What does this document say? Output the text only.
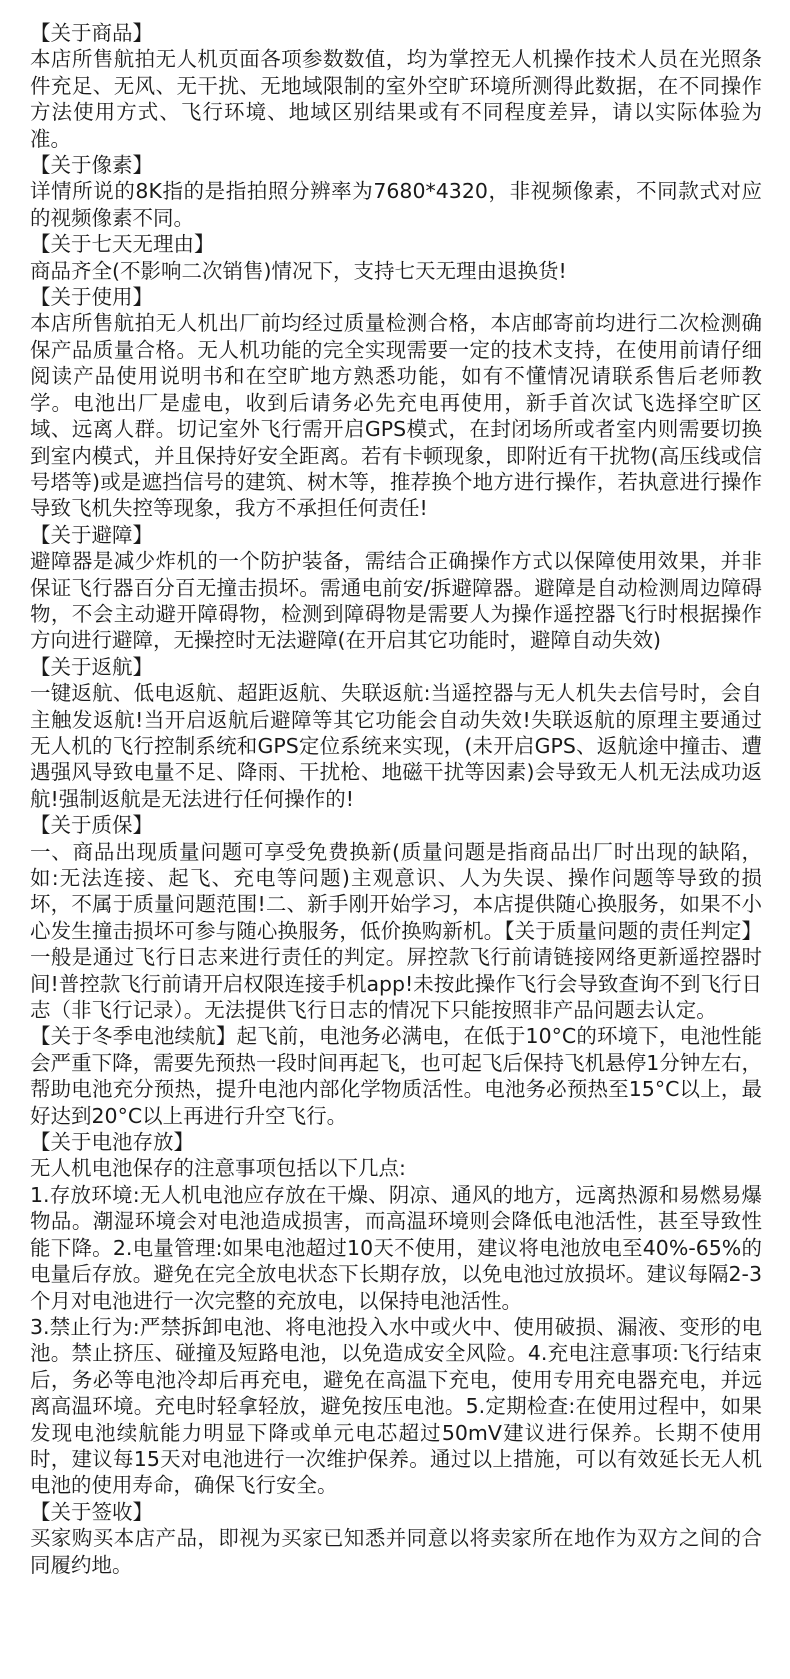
【关于商品】

本店所售航拍无人机页面各项参数数值，均为掌控无人机操作技术人员在光照条件充足、无风、无干扰、无地域限制的室外空旷环境所测得此数据，在不同操作方法使用方式、飞行环境、地域区别结果或有不同程度差异，请以实际体验为准。

【关于像素】

详情所说的8K指的是指拍照分辨率为7680*4320，非视频像素，不同款式对应的视频像素不同。

【关于七天无理由】

商品齐全(不影响二次销售)情况下，支持七天无理由退换货!

【关于使用】

本店所售航拍无人机出厂前均经过质量检测合格，本店邮寄前均进行二次检测确保产品质量合格。无人机功能的完全实现需要一定的技术支持，在使用前请仔细阅读产品使用说明书和在空旷地方熟悉功能，如有不懂情况请联系售后老师教学。电池出厂是虚电，收到后请务必先充电再使用，新手首次试飞选择空旷区域、远离人群。切记室外飞行需开启GPS模式，在封闭场所或者室内则需要切换到室内模式，并且保持好安全距离。若有卡顿现象，即附近有干扰物(高压线或信号塔等)或是遮挡信号的建筑、树木等，推荐换个地方进行操作，若执意进行操作导致飞机失控等现象，我方不承担任何责任!

【关于避障】

避障器是减少炸机的一个防护装备，需结合正确操作方式以保障使用效果，并非保证飞行器百分百无撞击损坏。需通电前安/拆避障器。避障是自动检测周边障碍物，不会主动避开障碍物，检测到障碍物是需要人为操作遥控器飞行时根据操作方向进行避障，无操控时无法避障(在开启其它功能时，避障自动失效)

【关于返航】

一键返航、低电返航、超距返航、失联返航:当遥控器与无人机失去信号时，会自主触发返航!当开启返航后避障等其它功能会自动失效!失联返航的原理主要通过无人机的飞行控制系统和GPS定位系统来实现，(未开启GPS、返航途中撞击、遭遇强风导致电量不足、降雨、干扰枪、地磁干扰等因素)会导致无人机无法成功返航!强制返航是无法进行任何操作的!

【关于质保】

一、商品出现质量问题可享受免费换新(质量问题是指商品出厂时出现的缺陷，如:无法连接、起飞、充电等问题)主观意识、人为失误、操作问题等导致的损坏，不属于质量问题范围!二、新手刚开始学习，本店提供随心换服务，如果不小心发生撞击损坏可参与随心换服务，低价换购新机。【关于质量问题的责任判定】一般是通过飞行日志来进行责任的判定。屏控款飞行前请链接网络更新遥控器时间!普控款飞行前请开启权限连接手机app!未按此操作飞行会导致查询不到飞行日志（非飞行记录）。无法提供飞行日志的情况下只能按照非产品问题去认定。

【关于冬季电池续航】起飞前，电池务必满电，在低于10°C的环境下，电池性能会严重下降，需要先预热一段时间再起飞，也可起飞后保持飞机悬停1分钟左右，帮助电池充分预热，提升电池内部化学物质活性。电池务必预热至15°C以上，最好达到20°C以上再进行升空飞行。

【关于电池存放】

无人机电池保存的注意事项包括以下几点:

1.存放环境:无人机电池应存放在干燥、阴凉、通风的地方，远离热源和易燃易爆物品。潮湿环境会对电池造成损害，而高温环境则会降低电池活性，甚至导致性能下降。2.电量管理:如果电池超过10天不使用，建议将电池放电至40%-65%的电量后存放。避免在完全放电状态下长期存放，以免电池过放损坏。建议每隔2-3个月对电池进行一次完整的充放电，以保持电池活性。

3.禁止行为:严禁拆卸电池、将电池投入水中或火中、使用破损、漏液、变形的电池。禁止挤压、碰撞及短路电池，以免造成安全风险。4.充电注意事项:飞行结束后，务必等电池冷却后再充电，避免在高温下充电，使用专用充电器充电，并远离高温环境。充电时轻拿轻放，避免按压电池。5.定期检查:在使用过程中，如果发现电池续航能力明显下降或单元电芯超过50mV建议进行保养。长期不使用时，建议每15天对电池进行一次维护保养。通过以上措施，可以有效延长无人机电池的使用寿命，确保飞行安全。

【关于签收】

买家购买本店产品，即视为买家已知悉并同意以将卖家所在地作为双方之间的合同履约地。
